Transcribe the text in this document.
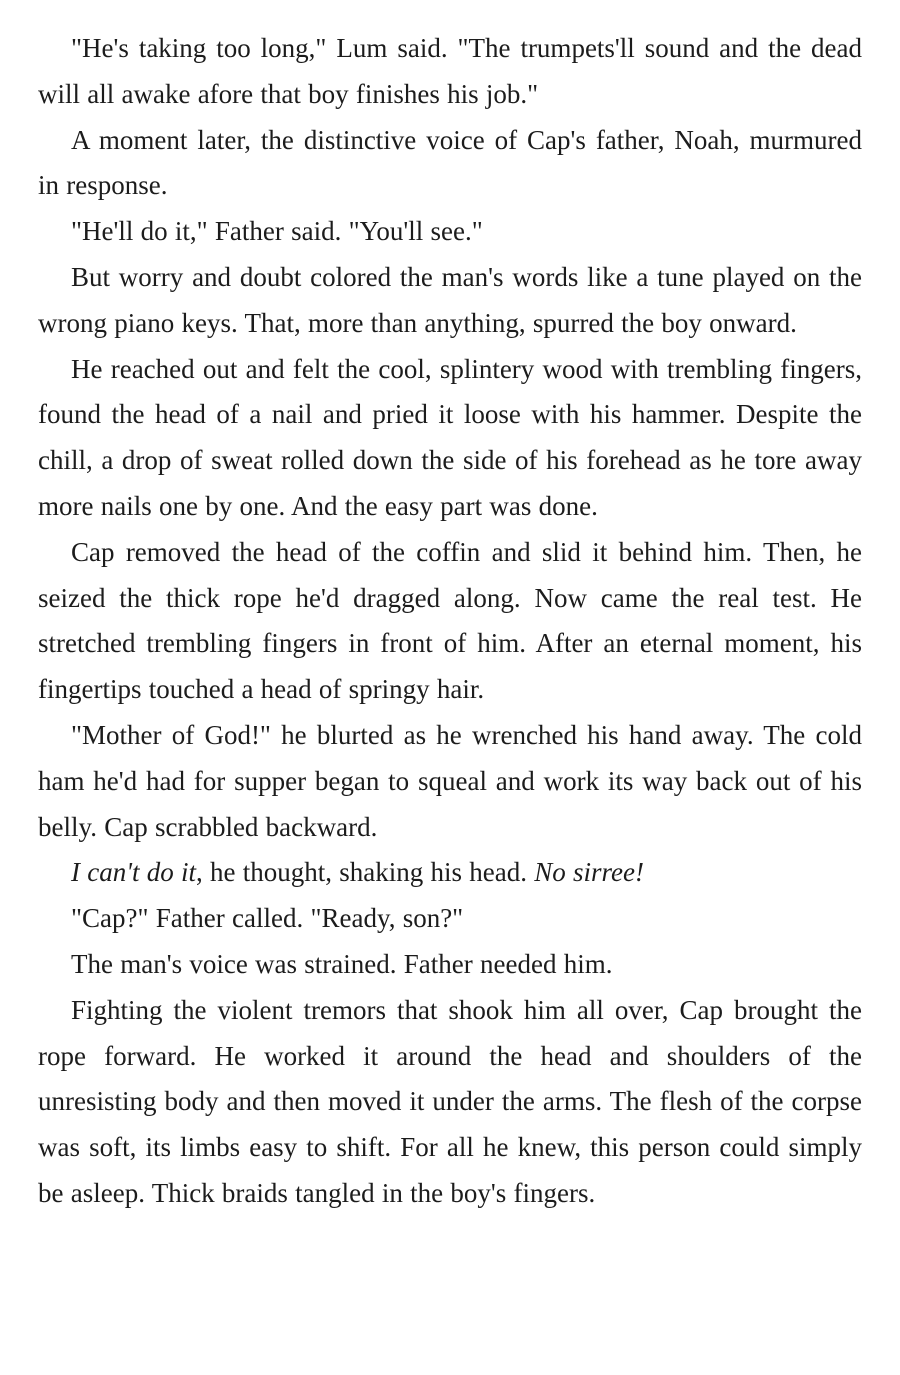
"He's taking too long," Lum said. "The trumpets'll sound and the dead will all awake afore that boy finishes his job."

A moment later, the distinctive voice of Cap's father, Noah, murmured in response.

"He'll do it," Father said. "You'll see."

But worry and doubt colored the man's words like a tune played on the wrong piano keys. That, more than anything, spurred the boy onward.

He reached out and felt the cool, splintery wood with trembling fingers, found the head of a nail and pried it loose with his hammer. Despite the chill, a drop of sweat rolled down the side of his forehead as he tore away more nails one by one. And the easy part was done.

Cap removed the head of the coffin and slid it behind him. Then, he seized the thick rope he'd dragged along. Now came the real test. He stretched trembling fingers in front of him. After an eternal moment, his fingertips touched a head of springy hair.

"Mother of God!" he blurted as he wrenched his hand away. The cold ham he'd had for supper began to squeal and work its way back out of his belly. Cap scrabbled backward.

I can't do it, he thought, shaking his head. No sirree!

"Cap?" Father called. "Ready, son?"

The man's voice was strained. Father needed him.

Fighting the violent tremors that shook him all over, Cap brought the rope forward. He worked it around the head and shoulders of the unresisting body and then moved it under the arms. The flesh of the corpse was soft, its limbs easy to shift. For all he knew, this person could simply be asleep. Thick braids tangled in the boy's fingers.
